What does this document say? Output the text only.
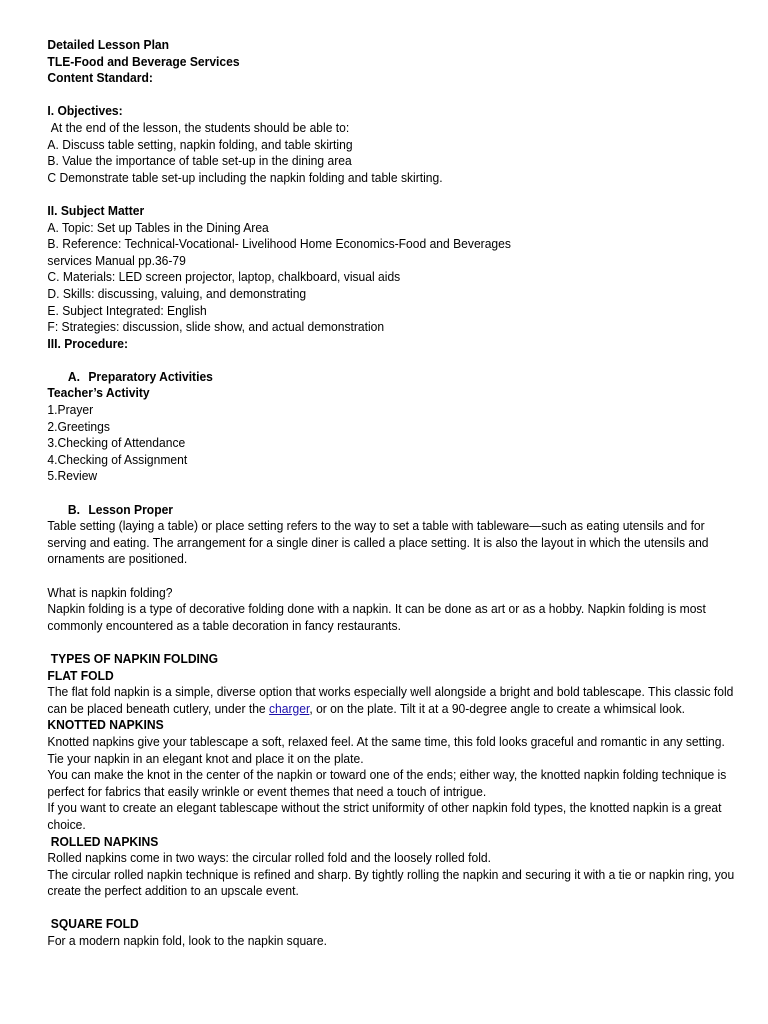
Detailed Lesson Plan
TLE-Food and Beverage Services
Content Standard:
I. Objectives:
At the end of the lesson, the students should be able to:
A. Discuss table setting, napkin folding, and table skirting
B. Value the importance of table set-up in the dining area
C Demonstrate table set-up including the napkin folding and table skirting.
II. Subject Matter
A. Topic: Set up Tables in the Dining Area
B. Reference: Technical-Vocational- Livelihood Home Economics-Food and Beverages services Manual pp.36-79
C. Materials: LED screen projector, laptop, chalkboard, visual aids
D. Skills: discussing, valuing, and demonstrating
E. Subject Integrated: English
F: Strategies: discussion, slide show, and actual demonstration
III. Procedure:
A. Preparatory Activities
Teacher’s Activity
1.Prayer
2.Greetings
3.Checking of Attendance
4.Checking of Assignment
5.Review
B. Lesson Proper
Table setting (laying a table) or place setting refers to the way to set a table with tableware—such as eating utensils and for serving and eating. The arrangement for a single diner is called a place setting. It is also the layout in which the utensils and ornaments are positioned.
What is napkin folding?
Napkin folding is a type of decorative folding done with a napkin. It can be done as art or as a hobby. Napkin folding is most commonly encountered as a table decoration in fancy restaurants.
TYPES OF NAPKIN FOLDING
FLAT FOLD
The flat fold napkin is a simple, diverse option that works especially well alongside a bright and bold tablescape. This classic fold can be placed beneath cutlery, under the charger, or on the plate. Tilt it at a 90-degree angle to create a whimsical look.
KNOTTED NAPKINS
Knotted napkins give your tablescape a soft, relaxed feel. At the same time, this fold looks graceful and romantic in any setting.
Tie your napkin in an elegant knot and place it on the plate.
You can make the knot in the center of the napkin or toward one of the ends; either way, the knotted napkin folding technique is perfect for fabrics that easily wrinkle or event themes that need a touch of intrigue.
If you want to create an elegant tablescape without the strict uniformity of other napkin fold types, the knotted napkin is a great choice.
ROLLED NAPKINS
Rolled napkins come in two ways: the circular rolled fold and the loosely rolled fold.
The circular rolled napkin technique is refined and sharp. By tightly rolling the napkin and securing it with a tie or napkin ring, you create the perfect addition to an upscale event.
SQUARE FOLD
For a modern napkin fold, look to the napkin square.
